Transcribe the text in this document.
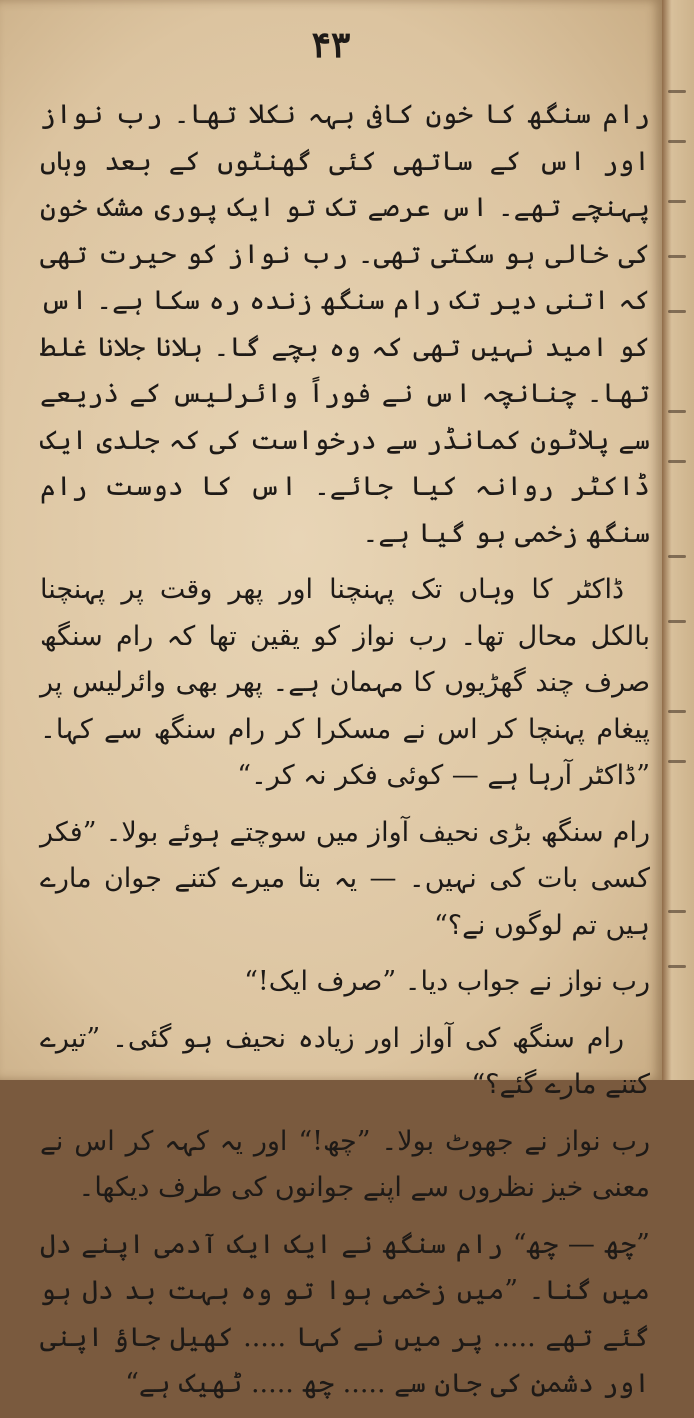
۴۳

رام سنگھ کا خون کافی بہہ نکلا تھا۔ رب نواز اور اس کے ساتھی کئی گھنٹوں کے بعد وہاں پہنچے تھے۔ اس عرصے تک تو ایک پوری مشک خون کی خالی ہو سکتی تھی۔ رب نواز کو حیرت تھی کہ اتنی دیر تک رام سنگھ زندہ رہ سکا ہے۔ اس کو امید نہیں تھی کہ وہ بچے گا۔ ہلانا جلانا غلط تھا۔ چنانچہ اس نے فوراً وائرلیس کے ذریعے سے پلاٹون کمانڈر سے درخواست کی کہ جلدی ایک ڈاکٹر روانہ کیا جائے۔ اس کا دوست رام سنگھ زخمی ہو گیا ہے۔

ڈاکٹر کا وہاں تک پہنچنا اور پھر وقت پر پہنچنا بالکل محال تھا۔ رب نواز کو یقین تھا کہ رام سنگھ صرف چند گھڑیوں کا مہمان ہے۔ پھر بھی وائرلیس پر پیغام پہنچا کر اس نے مسکرا کر رام سنگھ سے کہا۔ ”ڈاکٹر آرہا ہے — کوئی فکر نہ کر۔“

رام سنگھ بڑی نحیف آواز میں سوچتے ہوئے بولا۔ ”فکر کسی بات کی نہیں۔ — یہ بتا میرے کتنے جوان مارے ہیں تم لوگوں نے؟“

رب نواز نے جواب دیا۔ ”صرف ایک!“

رام سنگھ کی آواز اور زیادہ نحیف ہو گئی۔ ”تیرے کتنے مارے گئے؟“

رب نواز نے جھوٹ بولا۔ ”چھ!“ اور یہ کہہ کر اس نے معنی خیز نظروں سے اپنے جوانوں کی طرف دیکھا۔

”چھ — چھ“ رام سنگھ نے ایک ایک آدمی اپنے دل میں گنا۔ ”میں زخمی ہوا تو وہ بہت بد دل ہو گئے تھے ..... پر میں نے کہا ..... کھیل جاؤ اپنی اور دشمن کی جان سے ..... چھ ..... ٹھیک ہے“
